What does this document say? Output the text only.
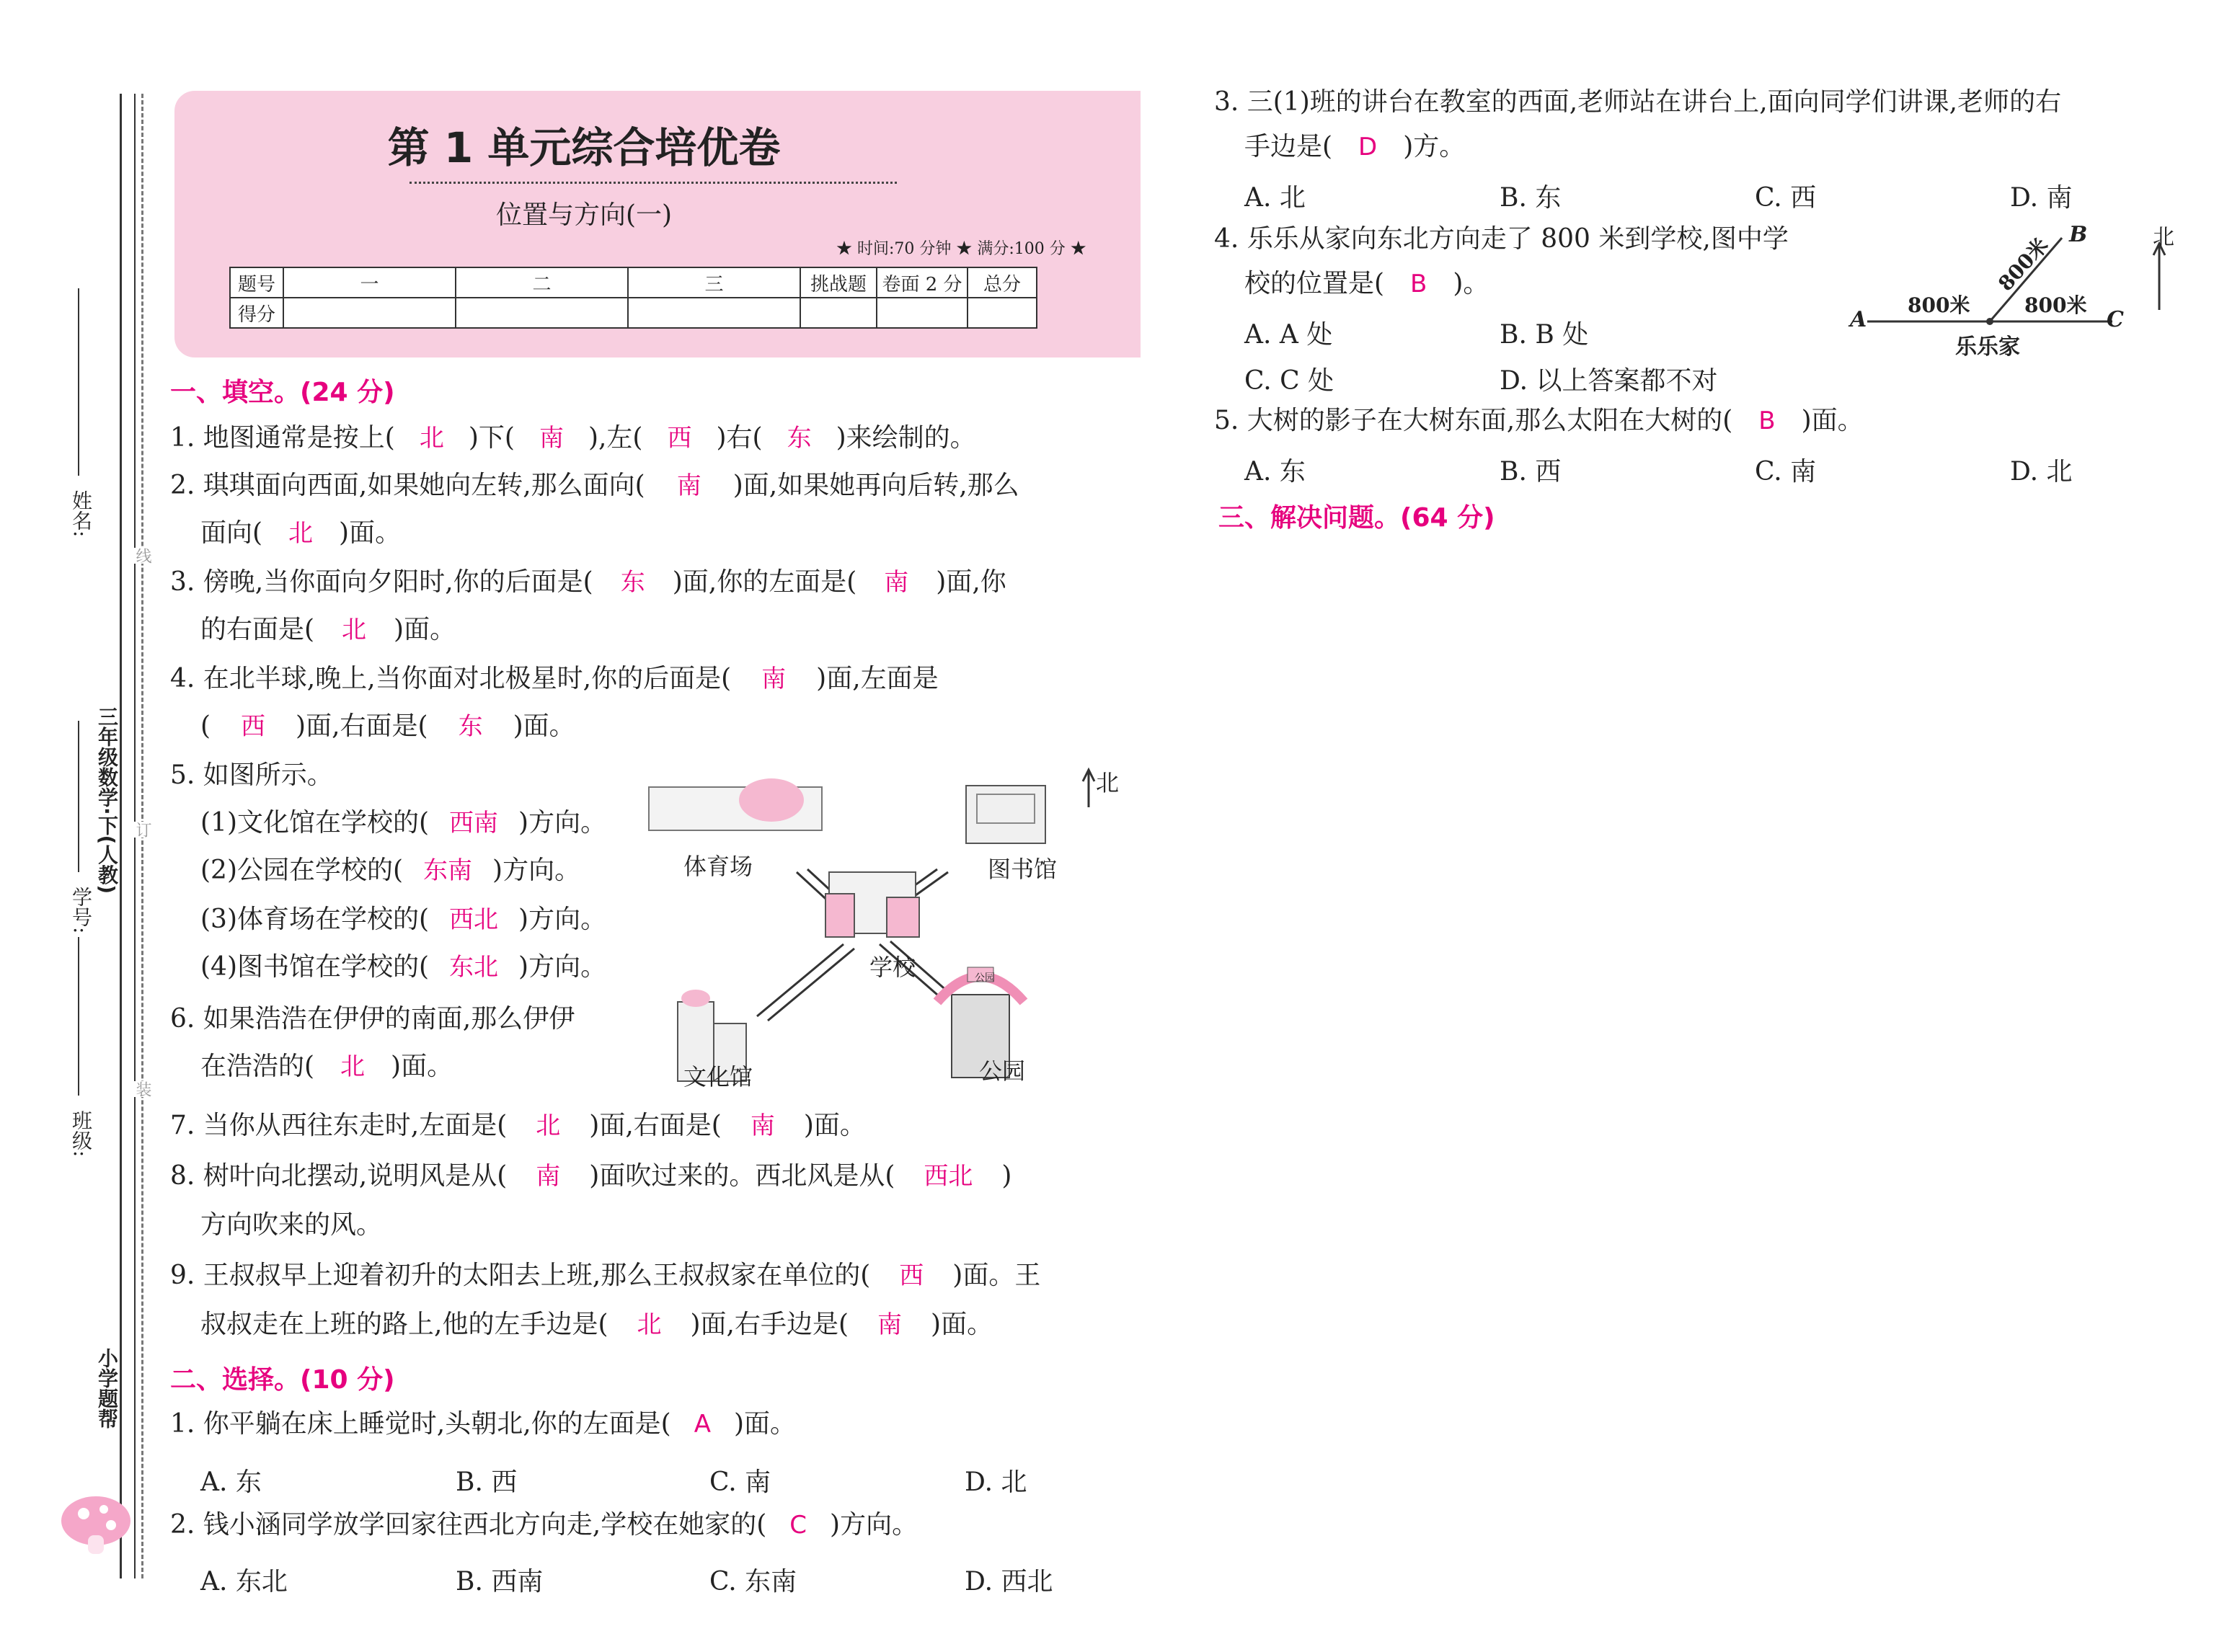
姓名:
学号:
班级:
三年级数学·下(人教)
小学题帮
线
订
装
第 1 单元综合培优卷
位置与方向(一)
★ 时间:70 分钟 ★ 满分:100 分 ★
题号	一	二	三	挑战题	卷面 2 分	总分
得分						
一、填空。(24 分)
1. 地图通常是按上( 北 )下( 南 ),左( 西 )右( 东 )来绘制的。
2. 琪琪面向西面,如果她向左转,那么面向( 南 )面,如果她再向后转,那么
面向( 北 )面。
3. 傍晚,当你面向夕阳时,你的后面是( 东 )面,你的左面是( 南 )面,你
的右面是( 北 )面。
4. 在北半球,晚上,当你面对北极星时,你的后面是( 南 )面,左面是
( 西 )面,右面是( 东 )面。
5. 如图所示。
(1)文化馆在学校的( 西南 )方向。
(2)公园在学校的( 东南 )方向。
(3)体育场在学校的( 西北 )方向。
(4)图书馆在学校的( 东北 )方向。
北
体育场	图书馆
学校
文化馆	公园
公园
6. 如果浩浩在伊伊的南面,那么伊伊
在浩浩的( 北 )面。
7. 当你从西往东走时,左面是( 北 )面,右面是( 南 )面。
8. 树叶向北摆动,说明风是从( 南 )面吹过来的。西北风是从( 西北 )
方向吹来的风。
9. 王叔叔早上迎着初升的太阳去上班,那么王叔叔家在单位的( 西 )面。王
叔叔走在上班的路上,他的左手边是( 北 )面,右手边是( 南 )面。
二、选择。(10 分)
1. 你平躺在床上睡觉时,头朝北,你的左面是( A )面。
A. 东	B. 西	C. 南	D. 北
2. 钱小涵同学放学回家往西北方向走,学校在她家的( C )方向。
A. 东北	B. 西南	C. 东南	D. 西北
3. 三(1)班的讲台在教室的西面,老师站在讲台上,面向同学们讲课,老师的右
手边是( D )方。
A. 北	B. 东	C. 西	D. 南
4. 乐乐从家向东北方向走了 800 米到学校,图中学
校的位置是( B )。
A. A 处	B. B 处
C. C 处	D. 以上答案都不对
A
B
C
乐乐家
800米	800米
800米	北
5. 大树的影子在大树东面,那么太阳在大树的( B )面。
A. 东	B. 西	C. 南	D. 北
三、解决问题。(64 分)
